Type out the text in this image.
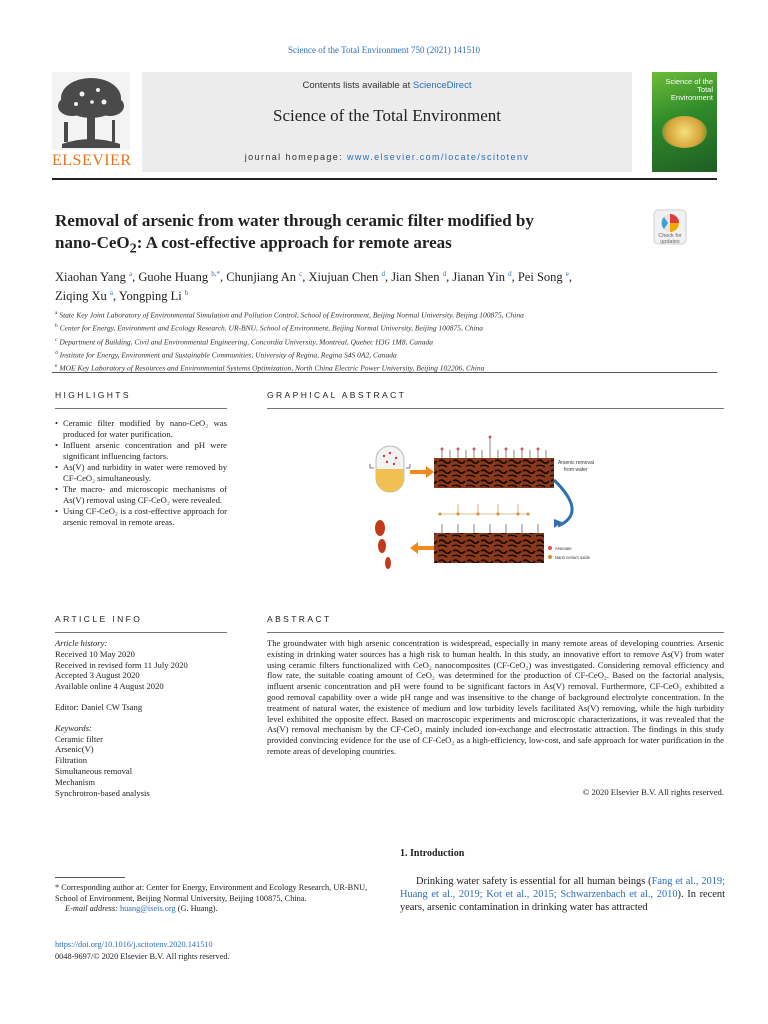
Science of the Total Environment 750 (2021) 141510
ELSEVIER
Contents lists available at ScienceDirect
Science of the Total Environment
journal homepage: www.elsevier.com/locate/scitotenv
Science of the
Total Environment
Removal of arsenic from water through ceramic filter modified by
nano-CeO$_2$: A cost-effective approach for remote areas	Check for
updates
Xiaohan Yang $^a$, Guohe Huang $^{b,*}$, Chunjiang An $^c$, Xiujuan Chen $^d$, Jian Shen $^d$, Jianan Yin $^d$, Pei Song $^e$,
Ziqing Xu $^a$, Yongping Li $^b$
$^a$ State Key Joint Laboratory of Environmental Simulation and Pollution Control, School of Environment, Beijing Normal University, Beijing 100875, China
$^b$ Center for Energy, Environment and Ecology Research, UR-BNU, School of Environment, Beijing Normal University, Beijing 100875, China
$^c$ Department of Building, Civil and Environmental Engineering, Concordia University, Montreal, Quebec H3G 1M8, Canada
$^d$ Institute for Energy, Environment and Sustainable Communities, University of Regina, Regina S4S 0A2, Canada
$^e$ MOE Key Laboratory of Resources and Environmental Systems Optimization, North China Electric Power University, Beijing 102206, China
HIGHLIGHTS
• Ceramic filter modified by nano-CeO₂ was produced for water purification.
• Influent arsenic concentration and pH were significant influencing factors.
• As(V) and turbidity in water were removed by CF-CeO₂ simultaneously.
• The macro- and microscopic mechanisms of As(V) removal using CF-CeO₂ were revealed.
• Using CF-CeO₂ is a cost-effective approach for arsenic removal in remote areas.
GRAPHICAL ABSTRACT
Arsenic removal
from water
Arsenate
Nano cerium oxide
ARTICLE INFO
Article history:
Received 10 May 2020
Received in revised form 11 July 2020
Accepted 3 August 2020
Available online 4 August 2020
Editor: Daniel CW Tsang
Keywords:
Ceramic filter
Arsenic(V)
Filtration
Simultaneous removal
Mechanism
Synchrotron-based analysis
ABSTRACT
The groundwater with high arsenic concentration is widespread, especially in many remote areas of developing countries. Arsenic existing in drinking water sources has a high risk to human health. In this study, an innovative effort to remove As(V) from water using ceramic filters functionalized with CeO₂ nanocomposites (CF-CeO₂) was investigated. Considering removal efficiency and flow rate, the suitable coating amount of CeO₂ was determined for the production of CF-CeO₂. Based on the factorial analysis, influent arsenic concentration and pH were found to be significant factors in As(V) removal. Furthermore, CF-CeO₂ exhibited a good removal capability over a wide pH range and was insensitive to the change of background electrolyte concentration. In the treatment of natural water, the existence of medium and low turbidity levels facilitated As(V) removing, while the high turbidity level exhibited the opposite effect. Based on macroscopic experiments and microscopic characterizations, it was revealed that the As(V) removal mechanism by the CF-CeO₂ mainly included ion-exchange and electrostatic attraction. The findings in this study provided convincing evidence for the use of CF-CeO₂ as a high-efficiency, low-cost, and safe approach for water purification in the remote areas of developing countries.
© 2020 Elsevier B.V. All rights reserved.
1. Introduction
Drinking water safety is essential for all human beings (Fang et al., 2019; Huang et al., 2019; Kot et al., 2015; Schwarzenbach et al., 2010). In recent years, arsenic contamination in drinking water has attracted
* Corresponding author at: Center for Energy, Environment and Ecology Research, UR-BNU, School of Environment, Beijing Normal University, Beijing 100875, China.
E-mail address: huang@iseis.org (G. Huang).
https://doi.org/10.1016/j.scitotenv.2020.141510
0048-9697/© 2020 Elsevier B.V. All rights reserved.
